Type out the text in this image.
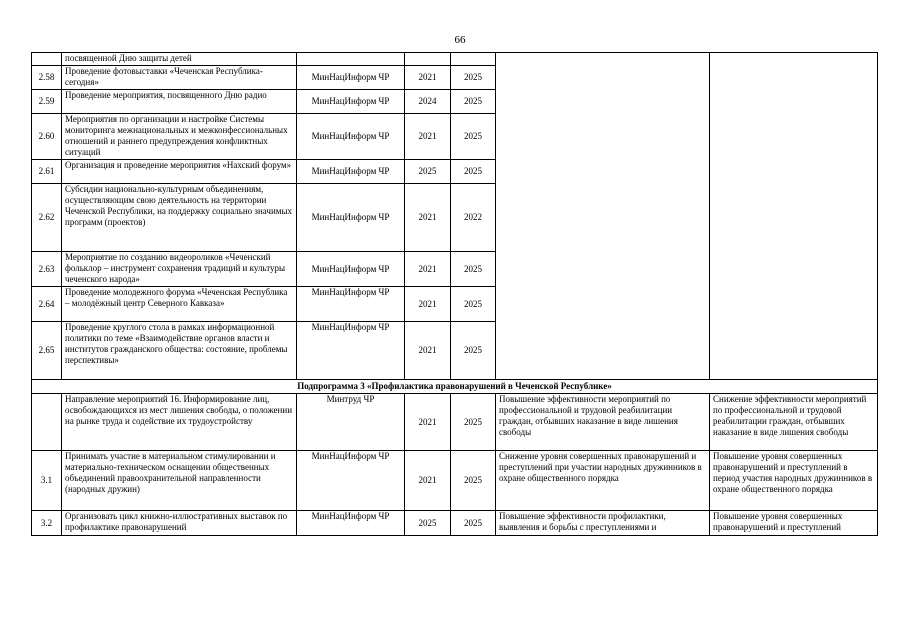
66
	посвященной Дню защиты детей					
2.58	Проведение фотовыставки «Чеченская Республика-сегодня»	МинНацИнформ ЧР	2021	2025		
2.59	Проведение мероприятия, посвященного Дню радио	МинНацИнформ ЧР	2024	2025		
2.60	Мероприятия по организации и настройке Системы мониторинга межнациональных и межконфессиональных отношений и раннего предупреждения конфликтных ситуаций	МинНацИнформ ЧР	2021	2025		
2.61	Организация и проведение мероприятия «Нахский форум»	МинНацИнформ ЧР	2025	2025		
2.62	Субсидии национально-культурным объединениям, осуществляющим свою деятельность на территории Чеченской Республики, на поддержку социально значимых программ (проектов)	МинНацИнформ ЧР	2021	2022		
2.63	Мероприятие по созданию видеороликов «Чеченский фольклор – инструмент сохранения традиций и культуры чеченского народа»	МинНацИнформ ЧР	2021	2025		
2.64	Проведение молодежного форума «Чеченская Республика – молодёжный центр Северного Кавказа»	МинНацИнформ ЧР	2021	2025		
2.65	Проведение круглого стола в рамках информационной политики по теме «Взаимодействие органов власти и институтов гражданского общества: состояние, проблемы перспективы»	МинНацИнформ ЧР	2021	2025		
Подпрограмма 3 «Профилактика правонарушений в Чеченской Республике»						
	Направление мероприятий 16. Информирование лиц, освобождающихся из мест лишения свободы, о положении на рынке труда и содействие их трудоустройству	Минтруд ЧР	2021	2025	Повышение эффективности мероприятий по профессиональной и трудовой реабилитации граждан, отбывших наказание в виде лишения свободы	Снижение эффективности мероприятий по профессиональной и трудовой реабилитации граждан, отбывших наказание в виде лишения свободы
3.1	Принимать участие в материальном стимулировании и материально-техническом оснащении общественных объединений правоохранительной направленности (народных дружин)	МинНацИнформ ЧР	2021	2025	Снижение уровня совершенных правонарушений и преступлений при участии народных дружинников в охране общественного порядка	Повышение уровня совершенных правонарушений и преступлений в период участия народных дружинников в охране общественного порядка
3.2	Организовать цикл книжно-иллюстративных выставок по профилактике правонарушений	МинНацИнформ ЧР	2025	2025	Повышение эффективности профилактики, выявления и борьбы с преступлениями и	Повышение уровня совершенных правонарушений и преступлений
